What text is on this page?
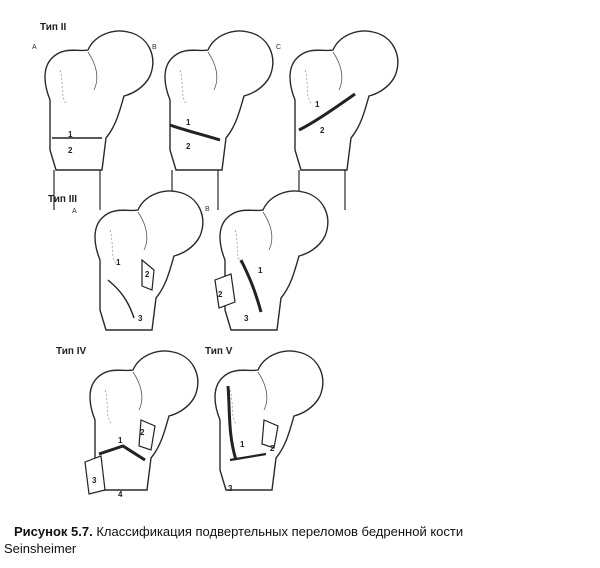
Тип II
Тип III
Тип IV	Тип V
A	B	C
A	B
1
2
1
2
1
2
1
2
3
1
2
3
1
2
3
4
1	2
3
Рисунок 5.7. Классификация подвертельных переломов бедренной кости
Seinsheimer
